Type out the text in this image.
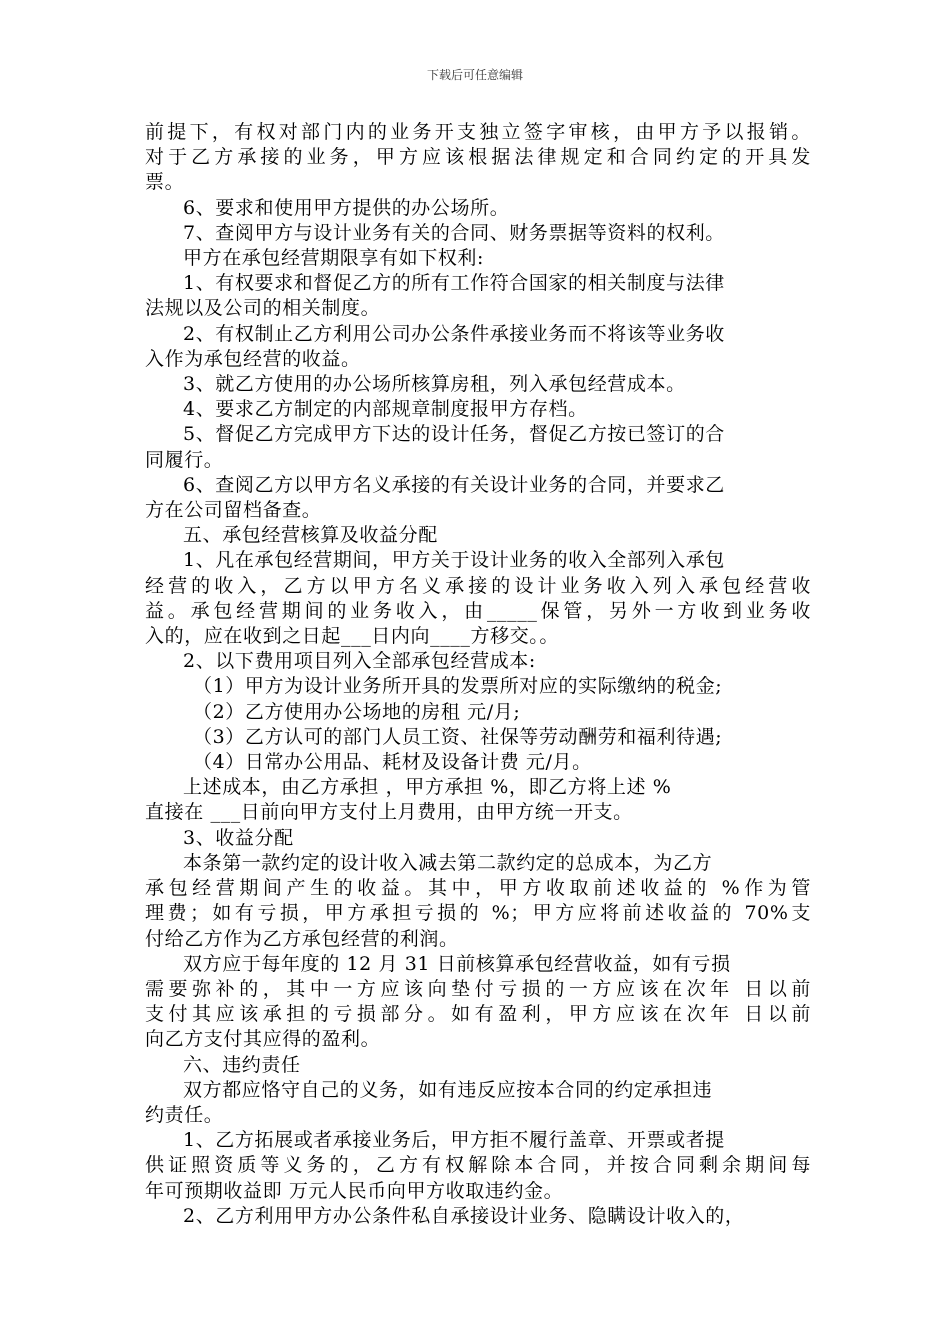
下载后可任意编辑
前提下，有权对部门内的业务开支独立签字审核，由甲方予以报销。
对于乙方承接的业务，甲方应该根据法律规定和合同约定的开具发
票。
6、要求和使用甲方提供的办公场所。
7、查阅甲方与设计业务有关的合同、财务票据等资料的权利。
甲方在承包经营期限享有如下权利:
1、有权要求和督促乙方的所有工作符合国家的相关制度与法律
法规以及公司的相关制度。
2、有权制止乙方利用公司办公条件承接业务而不将该等业务收
入作为承包经营的收益。
3、就乙方使用的办公场所核算房租，列入承包经营成本。
4、要求乙方制定的内部规章制度报甲方存档。
5、督促乙方完成甲方下达的设计任务，督促乙方按已签订的合
同履行。
6、查阅乙方以甲方名义承接的有关设计业务的合同，并要求乙
方在公司留档备查。
五、承包经营核算及收益分配
1、凡在承包经营期间，甲方关于设计业务的收入全部列入承包
经营的收入，乙方以甲方名义承接的设计业务收入列入承包经营收
益。承包经营期间的业务收入，由_____保管，另外一方收到业务收
入的，应在收到之日起___日内向____方移交。。
2、以下费用项目列入全部承包经营成本:
（1）甲方为设计业务所开具的发票所对应的实际缴纳的税金;
（2）乙方使用办公场地的房租 元/月;
（3）乙方认可的部门人员工资、社保等劳动酬劳和福利待遇;
（4）日常办公用品、耗材及设备计费 元/月。
上述成本，由乙方承担 ，甲方承担 %，即乙方将上述 %
直接在 ___日前向甲方支付上月费用，由甲方统一开支。
3、收益分配
本条第一款约定的设计收入减去第二款约定的总成本，为乙方
承包经营期间产生的收益。其中，甲方收取前述收益的 %作为管
理费；如有亏损，甲方承担亏损的 %；甲方应将前述收益的 70%支
付给乙方作为乙方承包经营的利润。
双方应于每年度的 12 月 31 日前核算承包经营收益，如有亏损
需要弥补的，其中一方应该向垫付亏损的一方应该在次年 日以前
支付其应该承担的亏损部分。如有盈利，甲方应该在次年 日以前
向乙方支付其应得的盈利。
六、违约责任
双方都应恪守自己的义务，如有违反应按本合同的约定承担违
约责任。
1、乙方拓展或者承接业务后，甲方拒不履行盖章、开票或者提
供证照资质等义务的，乙方有权解除本合同，并按合同剩余期间每
年可预期收益即 万元人民币向甲方收取违约金。
2、乙方利用甲方办公条件私自承接设计业务、隐瞒设计收入的，
